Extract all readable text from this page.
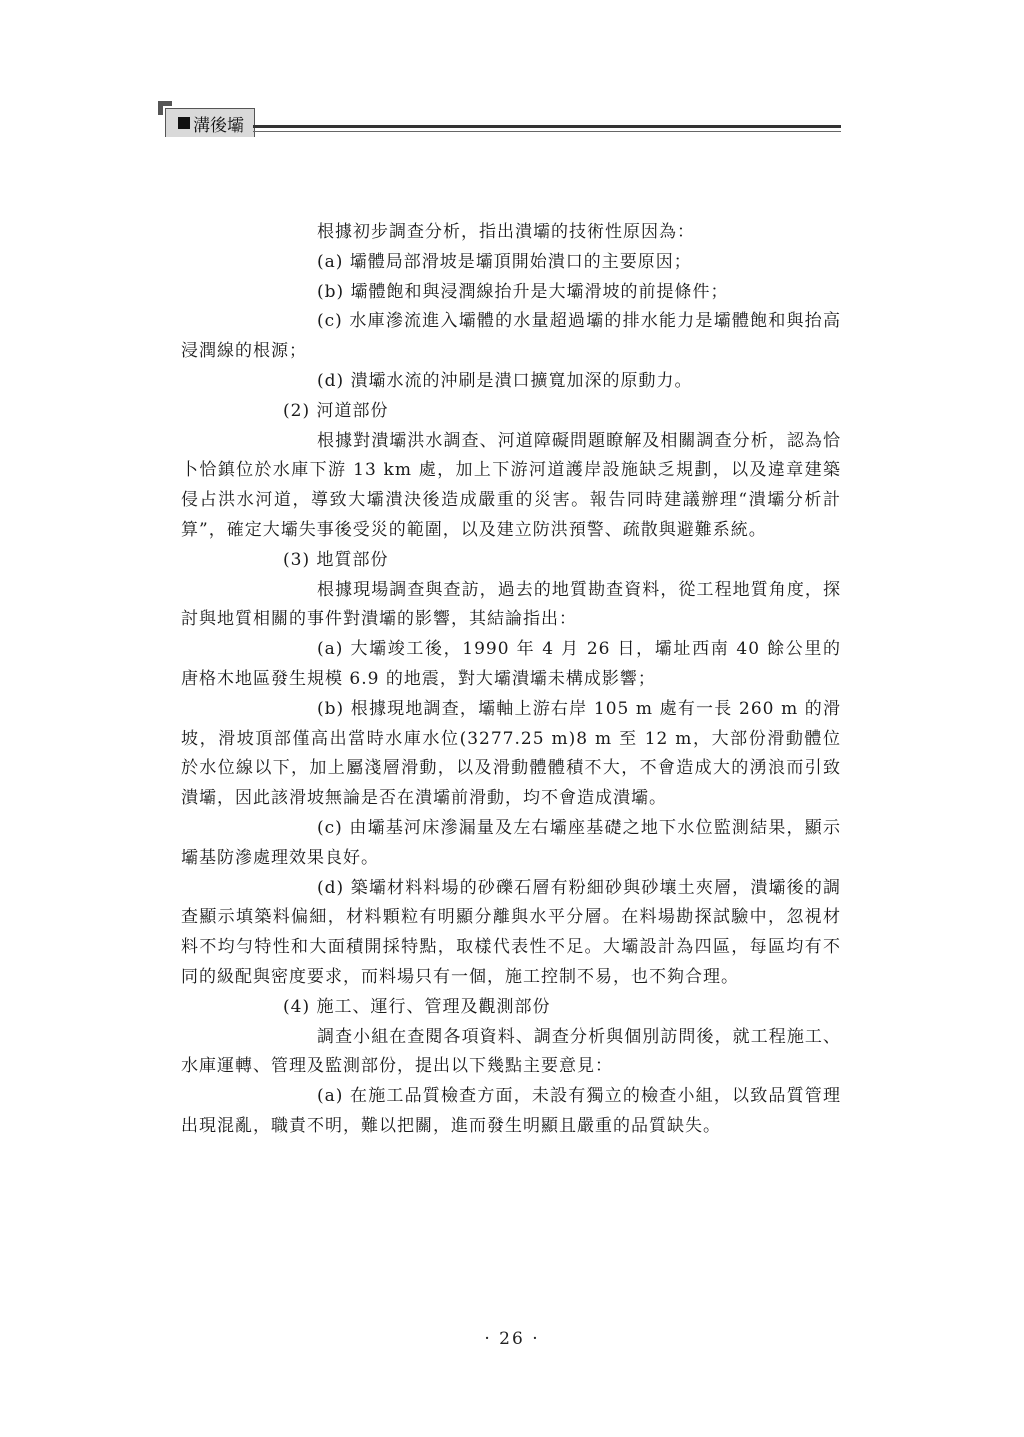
溝後壩

根據初步調查分析，指出潰壩的技術性原因為：

(a) 壩體局部滑坡是壩頂開始潰口的主要原因；

(b) 壩體飽和與浸潤線抬升是大壩滑坡的前提條件；

(c) 水庫滲流進入壩體的水量超過壩的排水能力是壩體飽和與抬高浸潤線的根源；

(d) 潰壩水流的沖刷是潰口擴寬加深的原動力。

(2) 河道部份

根據對潰壩洪水調查、河道障礙問題瞭解及相關調查分析，認為恰卜恰鎮位於水庫下游 13 km 處，加上下游河道護岸設施缺乏規劃，以及違章建築侵占洪水河道，導致大壩潰決後造成嚴重的災害。報告同時建議辦理“潰壩分析計算”，確定大壩失事後受災的範圍，以及建立防洪預警、疏散與避難系統。

(3) 地質部份

根據現場調查與查訪，過去的地質勘查資料，從工程地質角度，探討與地質相關的事件對潰壩的影響，其結論指出：

(a) 大壩竣工後，1990 年 4 月 26 日，壩址西南 40 餘公里的唐格木地區發生規模 6.9 的地震，對大壩潰壩未構成影響；

(b) 根據現地調查，壩軸上游右岸 105 m 處有一長 260 m 的滑坡，滑坡頂部僅高出當時水庫水位(3277.25 m)8 m 至 12 m，大部份滑動體位於水位線以下，加上屬淺層滑動，以及滑動體體積不大，不會造成大的湧浪而引致潰壩，因此該滑坡無論是否在潰壩前滑動，均不會造成潰壩。

(c) 由壩基河床滲漏量及左右壩座基礎之地下水位監測結果，顯示壩基防滲處理效果良好。

(d) 築壩材料料場的砂礫石層有粉細砂與砂壤土夾層，潰壩後的調查顯示填築料偏細，材料顆粒有明顯分離與水平分層。在料場勘探試驗中，忽視材料不均勻特性和大面積開採特點，取樣代表性不足。大壩設計為四區，每區均有不同的級配與密度要求，而料場只有一個，施工控制不易，也不夠合理。

(4) 施工、運行、管理及觀測部份

調查小組在查閱各項資料、調查分析與個別訪問後，就工程施工、水庫運轉、管理及監測部份，提出以下幾點主要意見：

(a) 在施工品質檢查方面，未設有獨立的檢查小組，以致品質管理出現混亂，職責不明，難以把關，進而發生明顯且嚴重的品質缺失。

· 26 ·
